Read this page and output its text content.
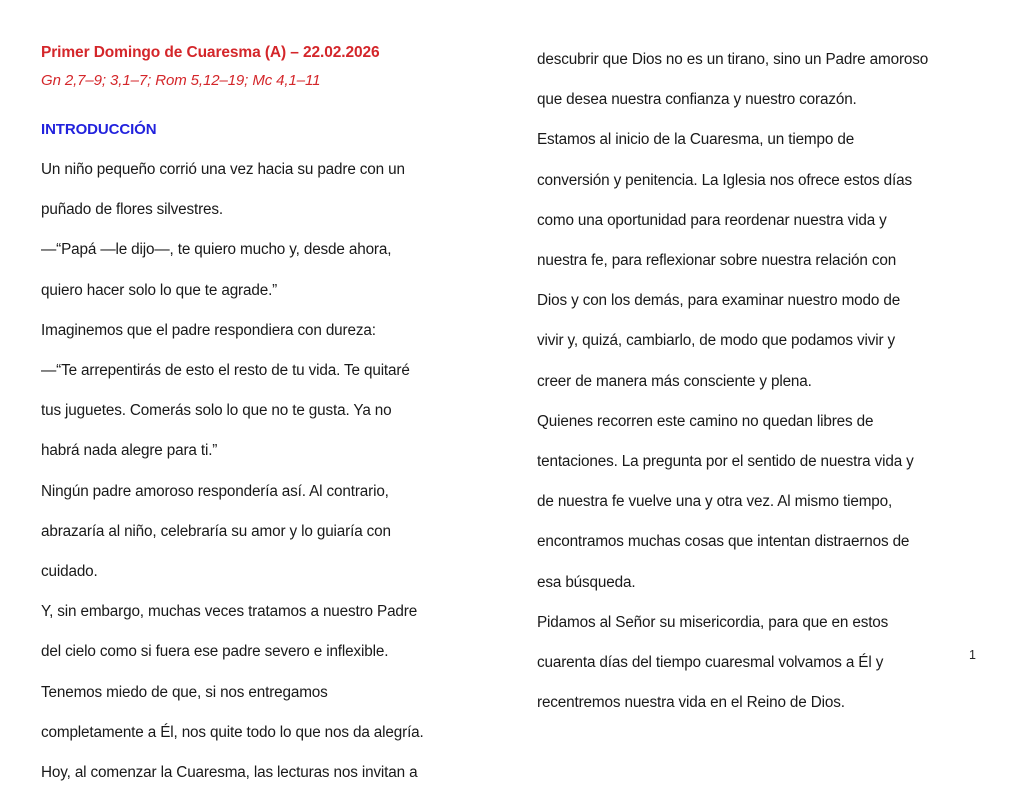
Primer Domingo de Cuaresma (A) – 22.02.2026
Gn 2,7–9; 3,1–7; Rom 5,12–19; Mc 4,1–11
INTRODUCCIÓN
Un niño pequeño corrió una vez hacia su padre con un
puñado de flores silvestres.
—“Papá —le dijo—, te quiero mucho y, desde ahora,
quiero hacer solo lo que te agrade.”
Imaginemos que el padre respondiera con dureza:
—“Te arrepentirás de esto el resto de tu vida. Te quitaré
tus juguetes. Comerás solo lo que no te gusta. Ya no
habrá nada alegre para ti.”
Ningún padre amoroso respondería así. Al contrario,
abrazaría al niño, celebraría su amor y lo guiaría con
cuidado.
Y, sin embargo, muchas veces tratamos a nuestro Padre
del cielo como si fuera ese padre severo e inflexible.
Tenemos miedo de que, si nos entregamos
completamente a Él, nos quite todo lo que nos da alegría.
Hoy, al comenzar la Cuaresma, las lecturas nos invitan a
descubrir que Dios no es un tirano, sino un Padre amoroso
que desea nuestra confianza y nuestro corazón.
Estamos al inicio de la Cuaresma, un tiempo de
conversión y penitencia. La Iglesia nos ofrece estos días
como una oportunidad para reordenar nuestra vida y
nuestra fe, para reflexionar sobre nuestra relación con
Dios y con los demás, para examinar nuestro modo de
vivir y, quizá, cambiarlo, de modo que podamos vivir y
creer de manera más consciente y plena.
Quienes recorren este camino no quedan libres de
tentaciones. La pregunta por el sentido de nuestra vida y
de nuestra fe vuelve una y otra vez. Al mismo tiempo,
encontramos muchas cosas que intentan distraernos de
esa búsqueda.
Pidamos al Señor su misericordia, para que en estos
cuarenta días del tiempo cuaresmal volvamos a Él y
recentremos nuestra vida en el Reino de Dios.
1
